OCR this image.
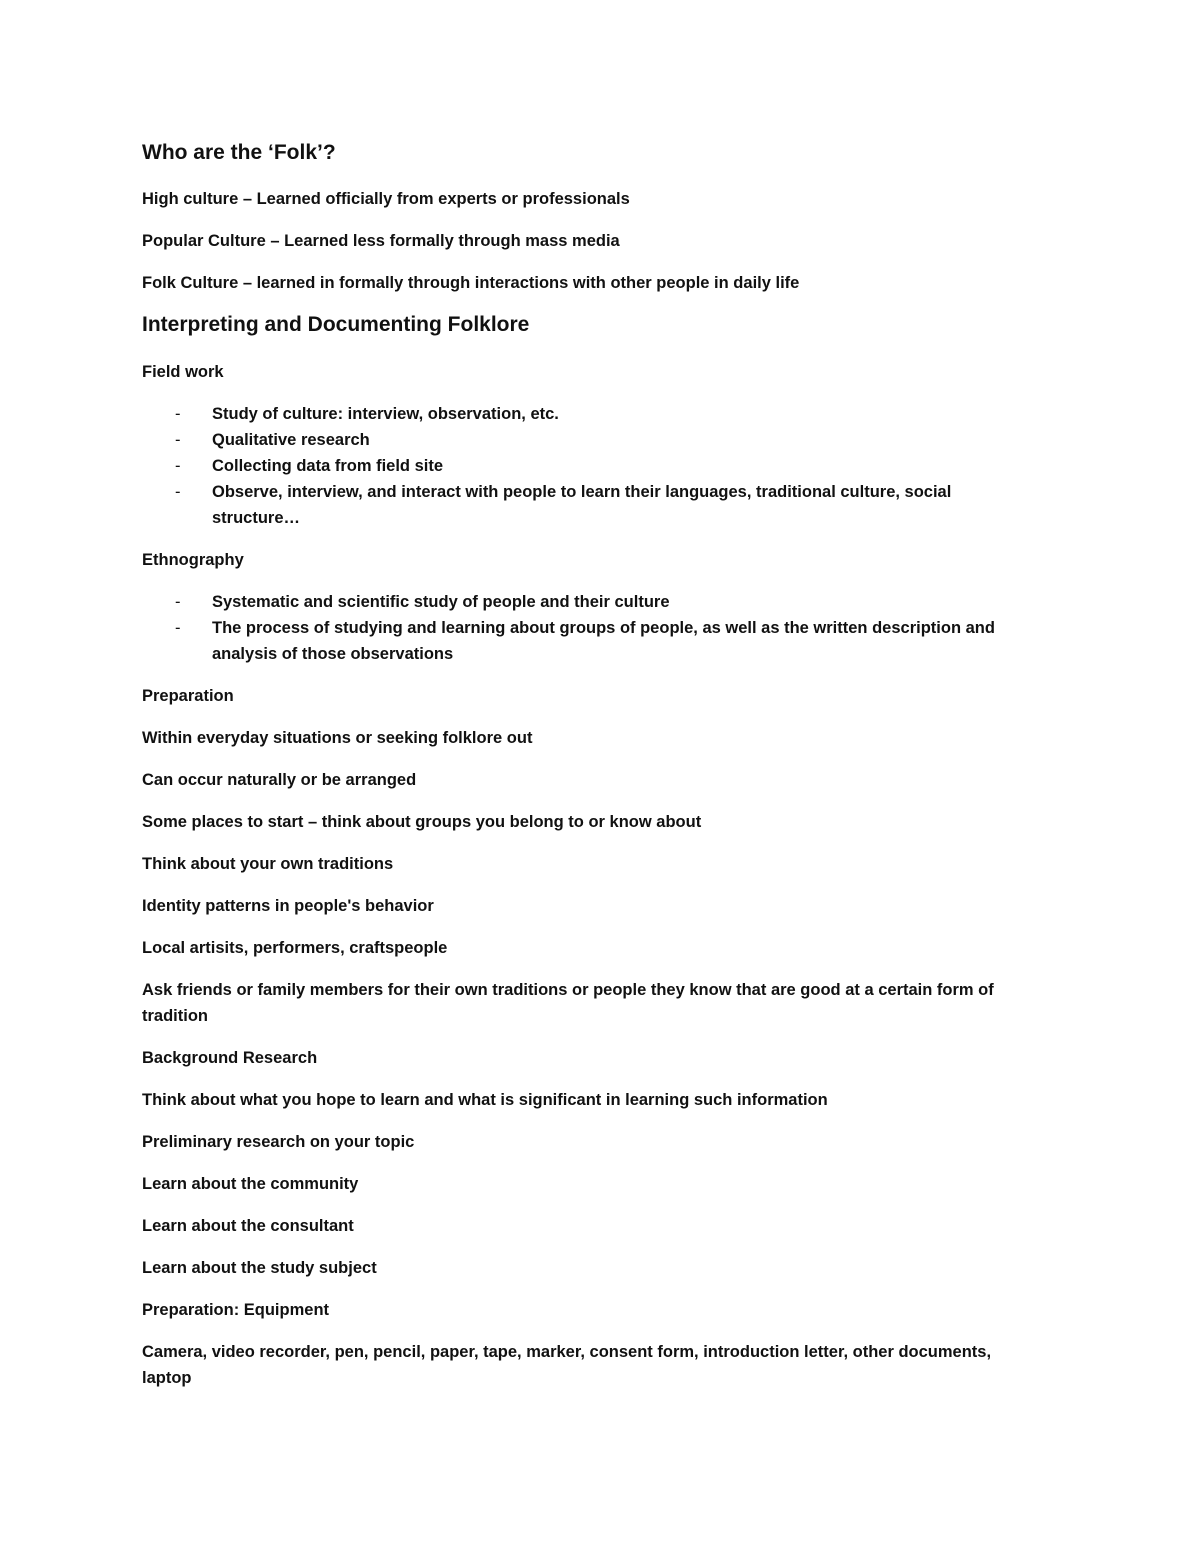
Who are the ‘Folk’?

High culture – Learned officially from experts or professionals

Popular Culture – Learned less formally through mass media

Folk Culture – learned in formally through interactions with other people in daily life

Interpreting and Documenting Folklore

Field work

- Study of culture: interview, observation, etc.
- Qualitative research
- Collecting data from field site
- Observe, interview, and interact with people to learn their languages, traditional culture, social structure…

Ethnography

- Systematic and scientific study of people and their culture
- The process of studying and learning about groups of people, as well as the written description and analysis of those observations

Preparation

Within everyday situations or seeking folklore out

Can occur naturally or be arranged

Some places to start – think about groups you belong to or know about

Think about your own traditions

Identity patterns in people's behavior

Local artisits, performers, craftspeople

Ask friends or family members for their own traditions or people they know that are good at a certain form of tradition

Background Research

Think about what you hope to learn and what is significant in learning such information

Preliminary research on your topic

Learn about the community

Learn about the consultant

Learn about the study subject

Preparation: Equipment

Camera, video recorder, pen, pencil, paper, tape, marker, consent form, introduction letter, other documents, laptop
